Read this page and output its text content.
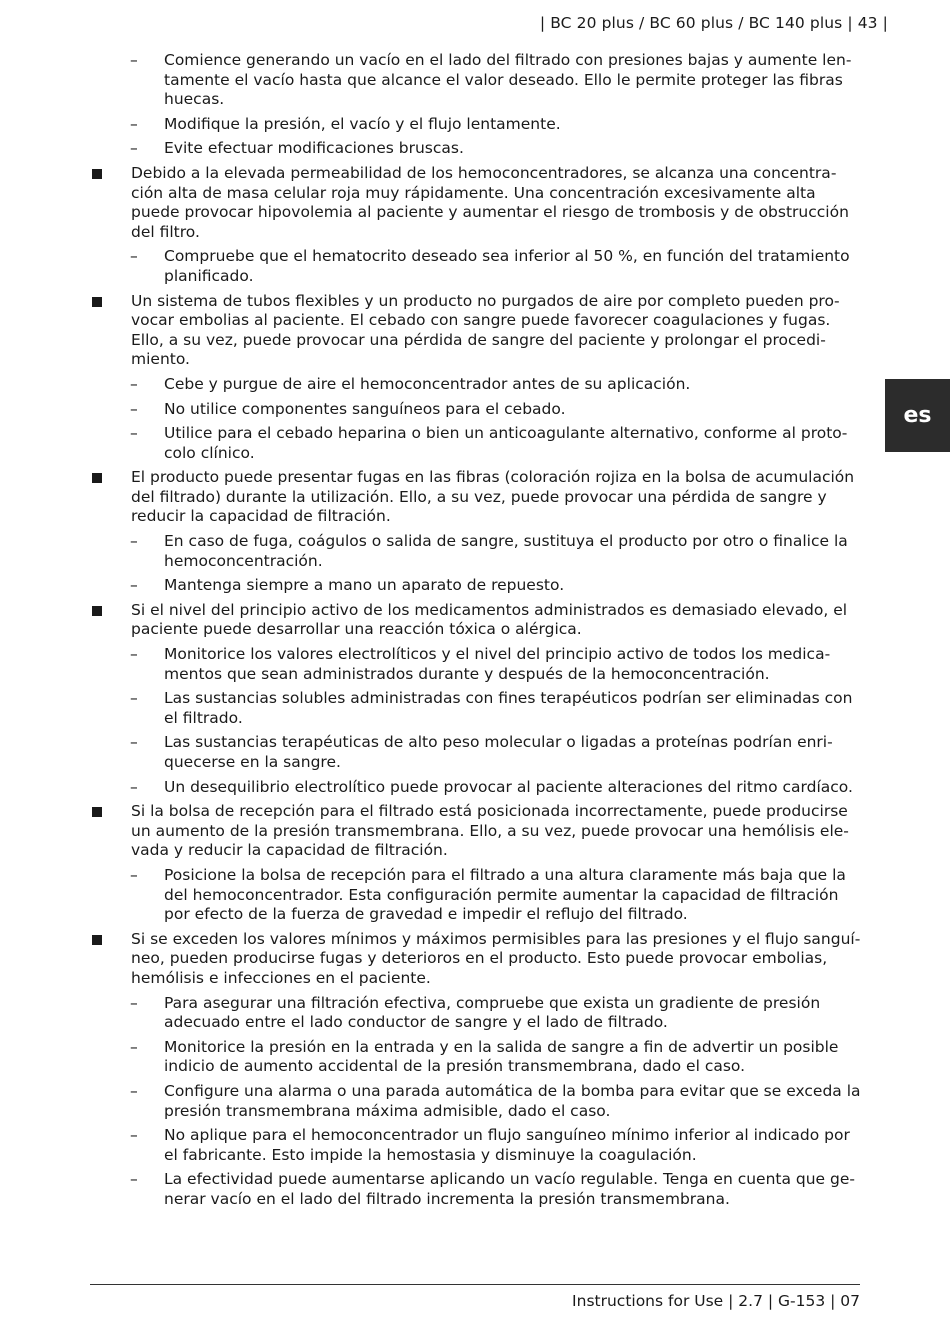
| BC 20 plus / BC 60 plus / BC 140 plus | 43 |
es
– Comience generando un vacío en el lado del filtrado con presiones bajas y aumente lentamente el vacío hasta que alcance el valor deseado. Ello le permite proteger las fibras huecas.
– Modifique la presión, el vacío y el flujo lentamente.
– Evite efectuar modificaciones bruscas.
Debido a la elevada permeabilidad de los hemoconcentradores, se alcanza una concentración alta de masa celular roja muy rápidamente. Una concentración excesivamente alta puede provocar hipovolemia al paciente y aumentar el riesgo de trombosis y de obstrucción del filtro.
– Compruebe que el hematocrito deseado sea inferior al 50 %, en función del tratamiento planificado.
Un sistema de tubos flexibles y un producto no purgados de aire por completo pueden provocar embolias al paciente. El cebado con sangre puede favorecer coagulaciones y fugas. Ello, a su vez, puede provocar una pérdida de sangre del paciente y prolongar el procedimiento.
– Cebe y purgue de aire el hemoconcentrador antes de su aplicación.
– No utilice componentes sanguíneos para el cebado.
– Utilice para el cebado heparina o bien un anticoagulante alternativo, conforme al protocolo clínico.
El producto puede presentar fugas en las fibras (coloración rojiza en la bolsa de acumulación del filtrado) durante la utilización. Ello, a su vez, puede provocar una pérdida de sangre y reducir la capacidad de filtración.
– En caso de fuga, coágulos o salida de sangre, sustituya el producto por otro o finalice la hemoconcentración.
– Mantenga siempre a mano un aparato de repuesto.
Si el nivel del principio activo de los medicamentos administrados es demasiado elevado, el paciente puede desarrollar una reacción tóxica o alérgica.
– Monitorice los valores electrolíticos y el nivel del principio activo de todos los medicamentos que sean administrados durante y después de la hemoconcentración.
– Las sustancias solubles administradas con fines terapéuticos podrían ser eliminadas con el filtrado.
– Las sustancias terapéuticas de alto peso molecular o ligadas a proteínas podrían enriquecerse en la sangre.
– Un desequilibrio electrolítico puede provocar al paciente alteraciones del ritmo cardíaco.
Si la bolsa de recepción para el filtrado está posicionada incorrectamente, puede producirse un aumento de la presión transmembrana. Ello, a su vez, puede provocar una hemólisis elevada y reducir la capacidad de filtración.
– Posicione la bolsa de recepción para el filtrado a una altura claramente más baja que la del hemoconcentrador. Esta configuración permite aumentar la capacidad de filtración por efecto de la fuerza de gravedad e impedir el reflujo del filtrado.
Si se exceden los valores mínimos y máximos permisibles para las presiones y el flujo sanguíneo, pueden producirse fugas y deterioros en el producto. Esto puede provocar embolias, hemólisis e infecciones en el paciente.
– Para asegurar una filtración efectiva, compruebe que exista un gradiente de presión adecuado entre el lado conductor de sangre y el lado de filtrado.
– Monitorice la presión en la entrada y en la salida de sangre a fin de advertir un posible indicio de aumento accidental de la presión transmembrana, dado el caso.
– Configure una alarma o una parada automática de la bomba para evitar que se exceda la presión transmembrana máxima admisible, dado el caso.
– No aplique para el hemoconcentrador un flujo sanguíneo mínimo inferior al indicado por el fabricante. Esto impide la hemostasia y disminuye la coagulación.
– La efectividad puede aumentarse aplicando un vacío regulable. Tenga en cuenta que generar vacío en el lado del filtrado incrementa la presión transmembrana.
Instructions for Use | 2.7 | G-153 | 07
